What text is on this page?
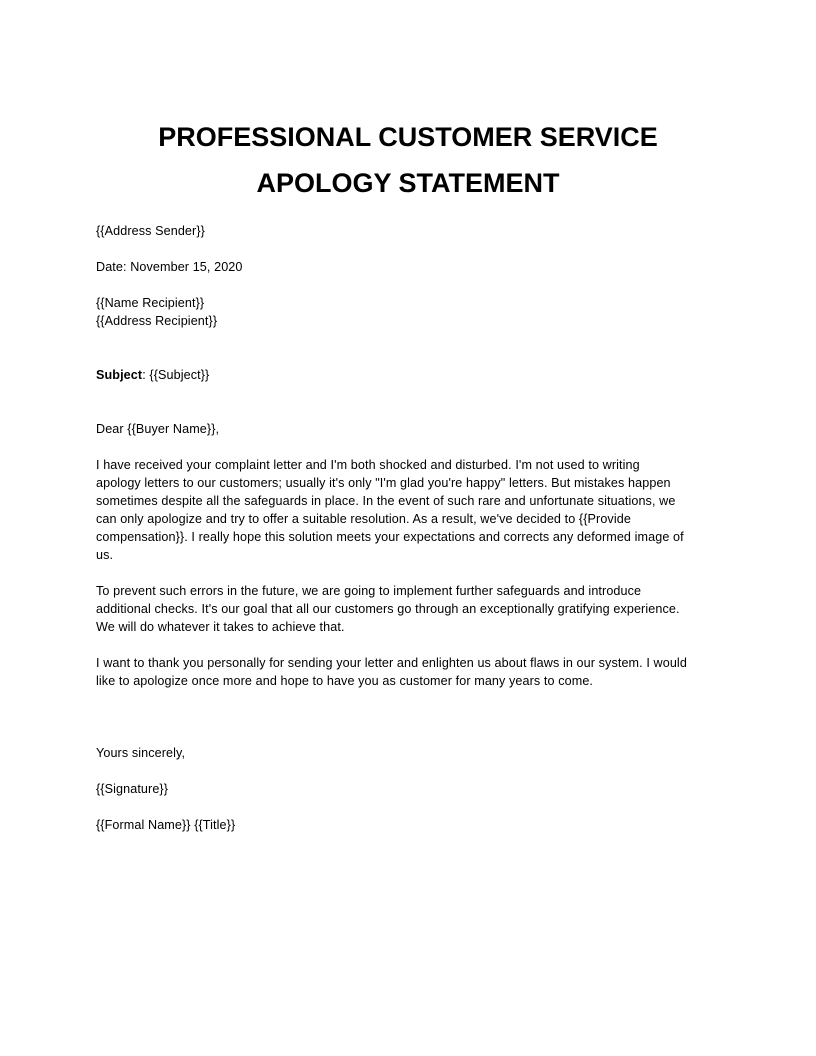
PROFESSIONAL CUSTOMER SERVICE
APOLOGY STATEMENT
{{Address Sender}}
Date: November 15, 2020
{{Name Recipient}}
{{Address Recipient}}
Subject: {{Subject}}
Dear {{Buyer Name}},
I have received your complaint letter and I'm both shocked and disturbed. I'm not used to writing
apology letters to our customers; usually it's only "I'm glad you're happy" letters. But mistakes happen
sometimes despite all the safeguards in place. In the event of such rare and unfortunate situations, we
can only apologize and try to offer a suitable resolution. As a result, we've decided to {{Provide
compensation}}. I really hope this solution meets your expectations and corrects any deformed image of
us.
To prevent such errors in the future, we are going to implement further safeguards and introduce
additional checks. It's our goal that all our customers go through an exceptionally gratifying experience.
We will do whatever it takes to achieve that.
I want to thank you personally for sending your letter and enlighten us about flaws in our system. I would
like to apologize once more and hope to have you as customer for many years to come.
Yours sincerely,
{{Signature}}
{{Formal Name}} {{Title}}
